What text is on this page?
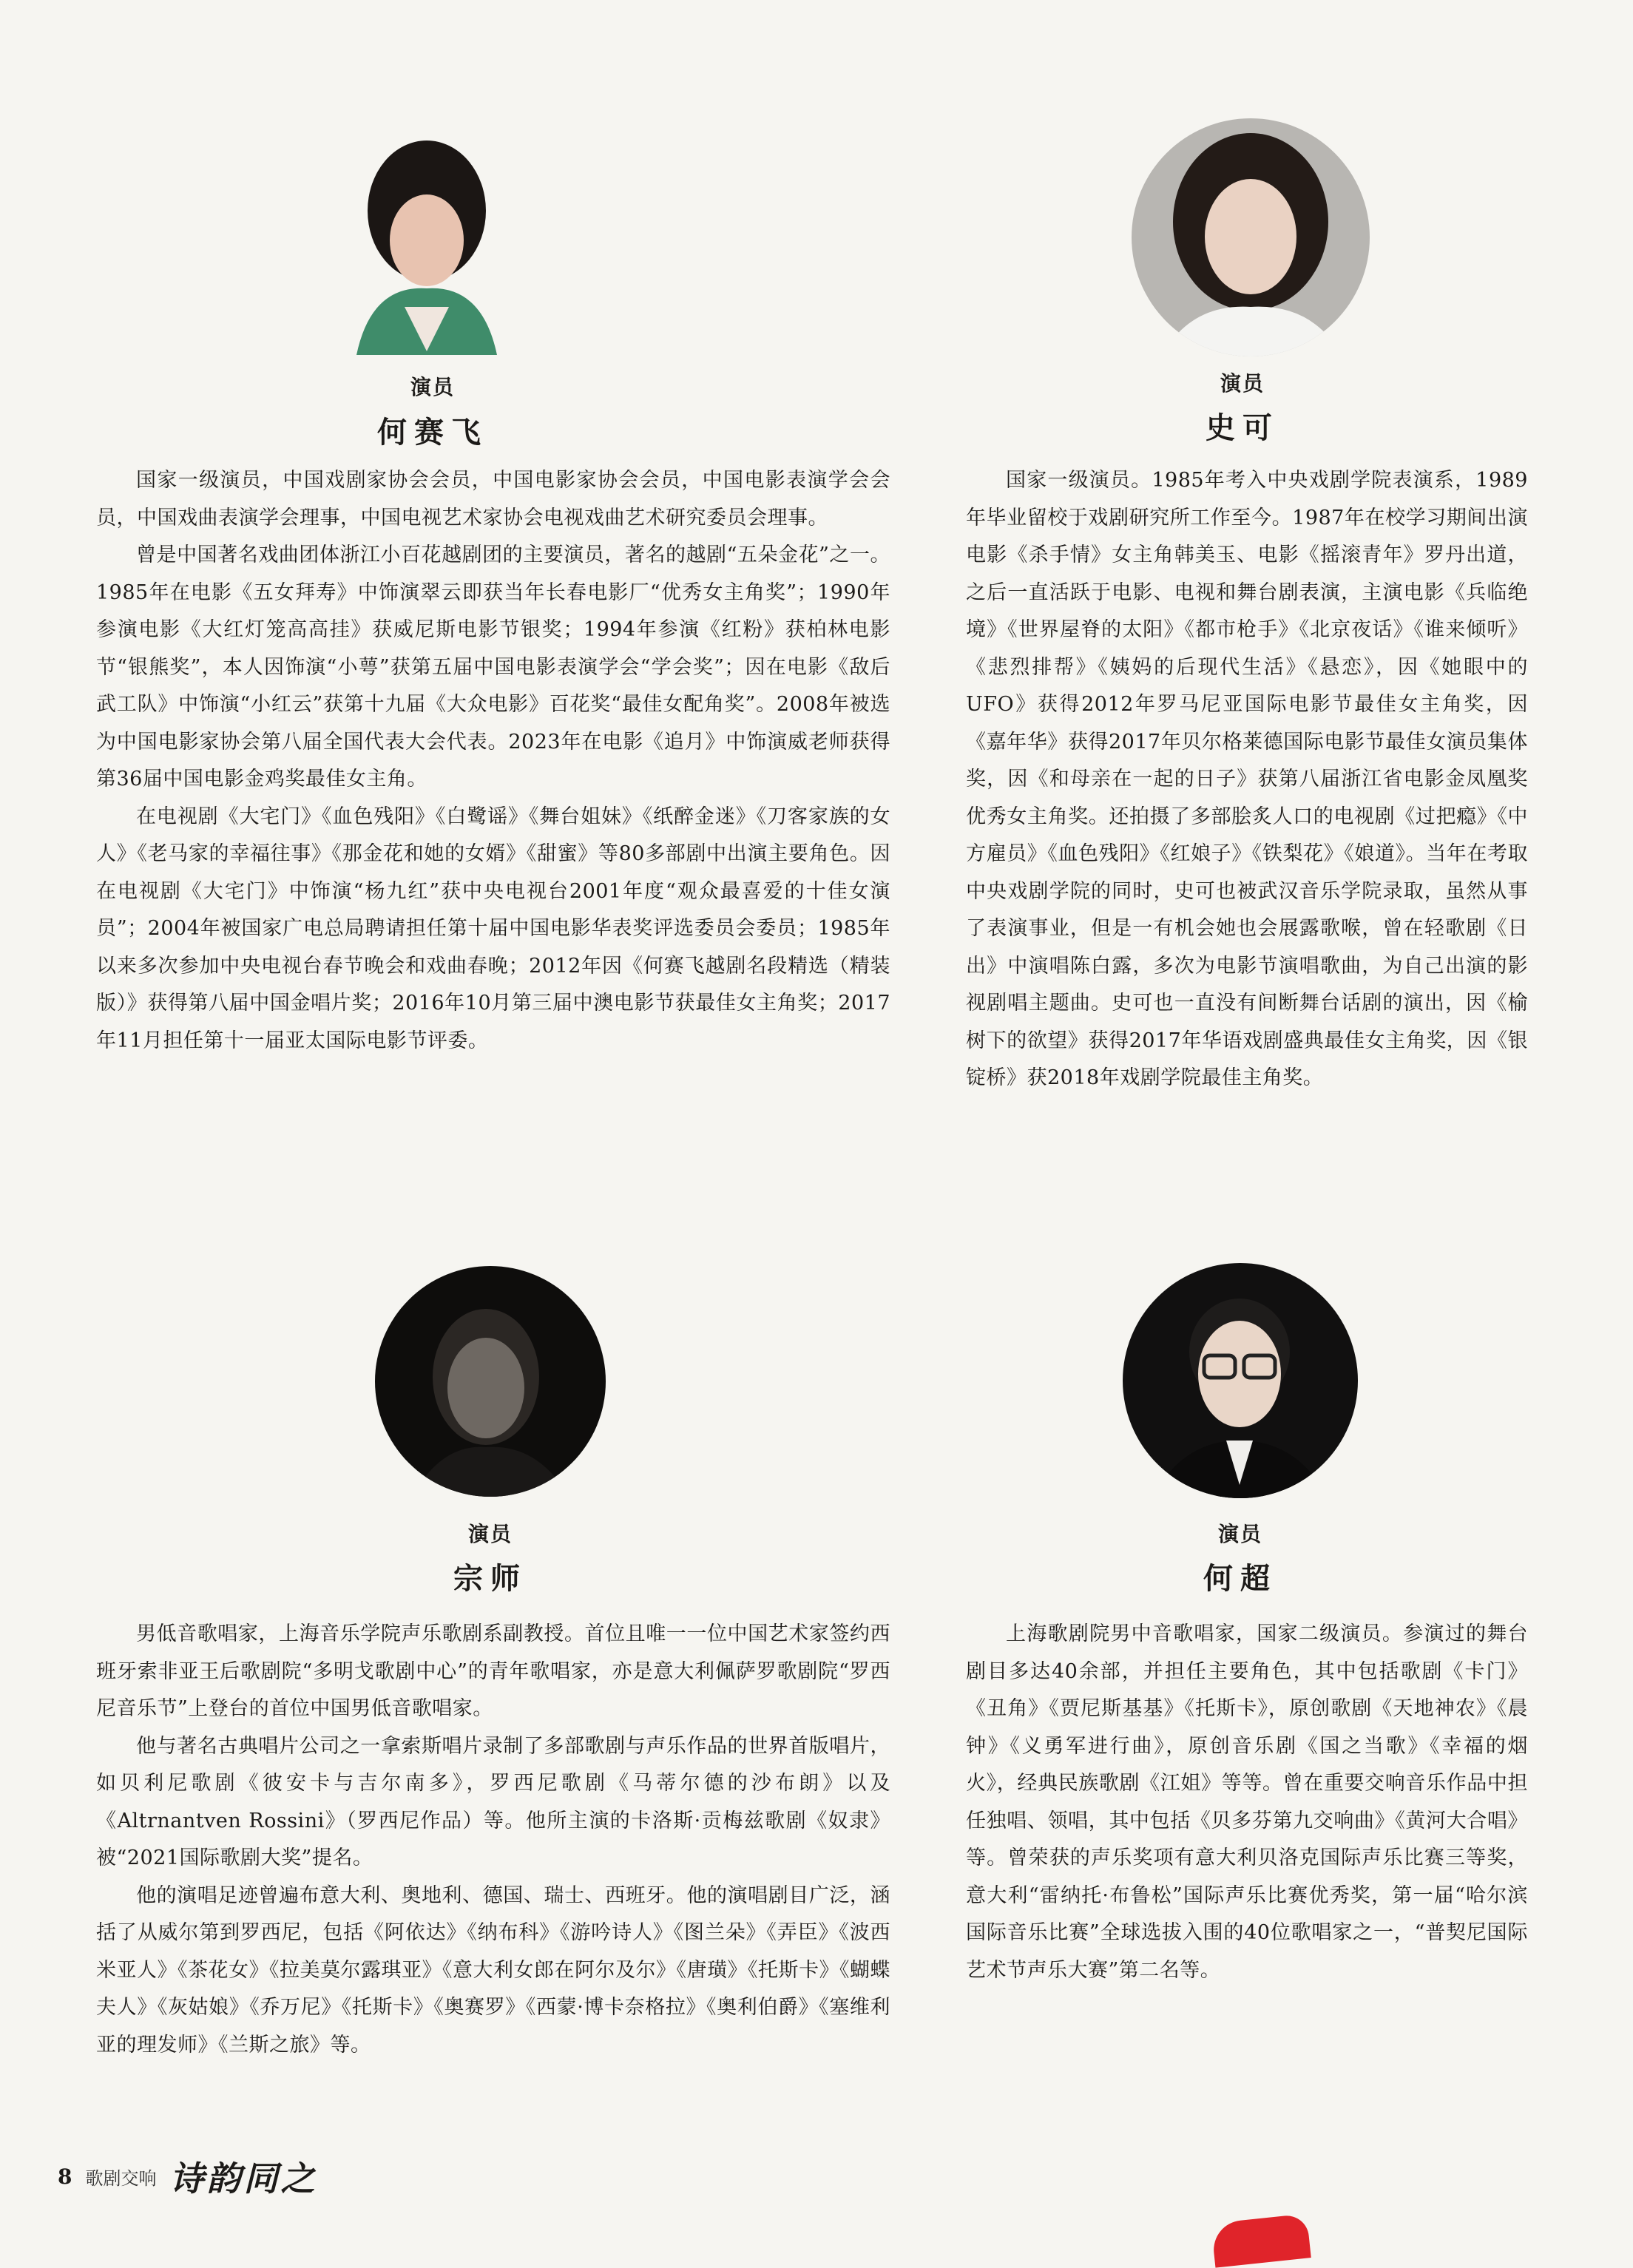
演员
何赛飞

国家一级演员，中国戏剧家协会会员，中国电影家协会会员，中国电影表演学会会员，中国戏曲表演学会理事，中国电视艺术家协会电视戏曲艺术研究委员会理事。

曾是中国著名戏曲团体浙江小百花越剧团的主要演员，著名的越剧“五朵金花”之一。1985年在电影《五女拜寿》中饰演翠云即获当年长春电影厂“优秀女主角奖”；1990年参演电影《大红灯笼高高挂》获威尼斯电影节银奖；1994年参演《红粉》获柏林电影节“银熊奖”，本人因饰演“小萼”获第五届中国电影表演学会“学会奖”；因在电影《敌后武工队》中饰演“小红云”获第十九届《大众电影》百花奖“最佳女配角奖”。2008年被选为中国电影家协会第八届全国代表大会代表。2023年在电影《追月》中饰演威老师获得第36届中国电影金鸡奖最佳女主角。

在电视剧《大宅门》《血色残阳》《白鹭谣》《舞台姐妹》《纸醉金迷》《刀客家族的女人》《老马家的幸福往事》《那金花和她的女婿》《甜蜜》等80多部剧中出演主要角色。因在电视剧《大宅门》中饰演“杨九红”获中央电视台2001年度“观众最喜爱的十佳女演员”；2004年被国家广电总局聘请担任第十届中国电影华表奖评选委员会委员；1985年以来多次参加中央电视台春节晚会和戏曲春晚；2012年因《何赛飞越剧名段精选（精装版）》获得第八届中国金唱片奖；2016年10月第三届中澳电影节获最佳女主角奖；2017年11月担任第十一届亚太国际电影节评委。

演员
史可

国家一级演员。1985年考入中央戏剧学院表演系，1989年毕业留校于戏剧研究所工作至今。1987年在校学习期间出演电影《杀手情》女主角韩美玉、电影《摇滚青年》罗丹出道，之后一直活跃于电影、电视和舞台剧表演，主演电影《兵临绝境》《世界屋脊的太阳》《都市枪手》《北京夜话》《谁来倾听》《悲烈排帮》《姨妈的后现代生活》《悬恋》，因《她眼中的UFO》获得2012年罗马尼亚国际电影节最佳女主角奖，因《嘉年华》获得2017年贝尔格莱德国际电影节最佳女演员集体奖，因《和母亲在一起的日子》获第八届浙江省电影金凤凰奖优秀女主角奖。还拍摄了多部脍炙人口的电视剧《过把瘾》《中方雇员》《血色残阳》《红娘子》《铁梨花》《娘道》。当年在考取中央戏剧学院的同时，史可也被武汉音乐学院录取，虽然从事了表演事业，但是一有机会她也会展露歌喉，曾在轻歌剧《日出》中演唱陈白露，多次为电影节演唱歌曲，为自己出演的影视剧唱主题曲。史可也一直没有间断舞台话剧的演出，因《榆树下的欲望》获得2017年华语戏剧盛典最佳女主角奖，因《银锭桥》获2018年戏剧学院最佳主角奖。

演员
宗师

男低音歌唱家，上海音乐学院声乐歌剧系副教授。首位且唯一一位中国艺术家签约西班牙索非亚王后歌剧院“多明戈歌剧中心”的青年歌唱家，亦是意大利佩萨罗歌剧院“罗西尼音乐节”上登台的首位中国男低音歌唱家。

他与著名古典唱片公司之一拿索斯唱片录制了多部歌剧与声乐作品的世界首版唱片，如贝利尼歌剧《彼安卡与吉尔南多》，罗西尼歌剧《马蒂尔德的沙布朗》以及《Altrnantven Rossini》（罗西尼作品）等。他所主演的卡洛斯·贡梅兹歌剧《奴隶》被“2021国际歌剧大奖”提名。

他的演唱足迹曾遍布意大利、奥地利、德国、瑞士、西班牙。他的演唱剧目广泛，涵括了从威尔第到罗西尼，包括《阿依达》《纳布科》《游吟诗人》《图兰朵》《弄臣》《波西米亚人》《茶花女》《拉美莫尔露琪亚》《意大利女郎在阿尔及尔》《唐璜》《托斯卡》《蝴蝶夫人》《灰姑娘》《乔万尼》《托斯卡》《奥赛罗》《西蒙·博卡奈格拉》《奥利伯爵》《塞维利亚的理发师》《兰斯之旅》等。

演员
何超

上海歌剧院男中音歌唱家，国家二级演员。参演过的舞台剧目多达40余部，并担任主要角色，其中包括歌剧《卡门》《丑角》《贾尼斯基基》《托斯卡》，原创歌剧《天地神农》《晨钟》《义勇军进行曲》，原创音乐剧《国之当歌》《幸福的烟火》，经典民族歌剧《江姐》等等。曾在重要交响音乐作品中担任独唱、领唱，其中包括《贝多芬第九交响曲》《黄河大合唱》等。曾荣获的声乐奖项有意大利贝洛克国际声乐比赛三等奖，意大利“雷纳托·布鲁松”国际声乐比赛优秀奖，第一届“哈尔滨国际音乐比赛”全球选拔入围的40位歌唱家之一，“普契尼国际艺术节声乐大赛”第二名等。

8 歌剧交响 诗韵同之
